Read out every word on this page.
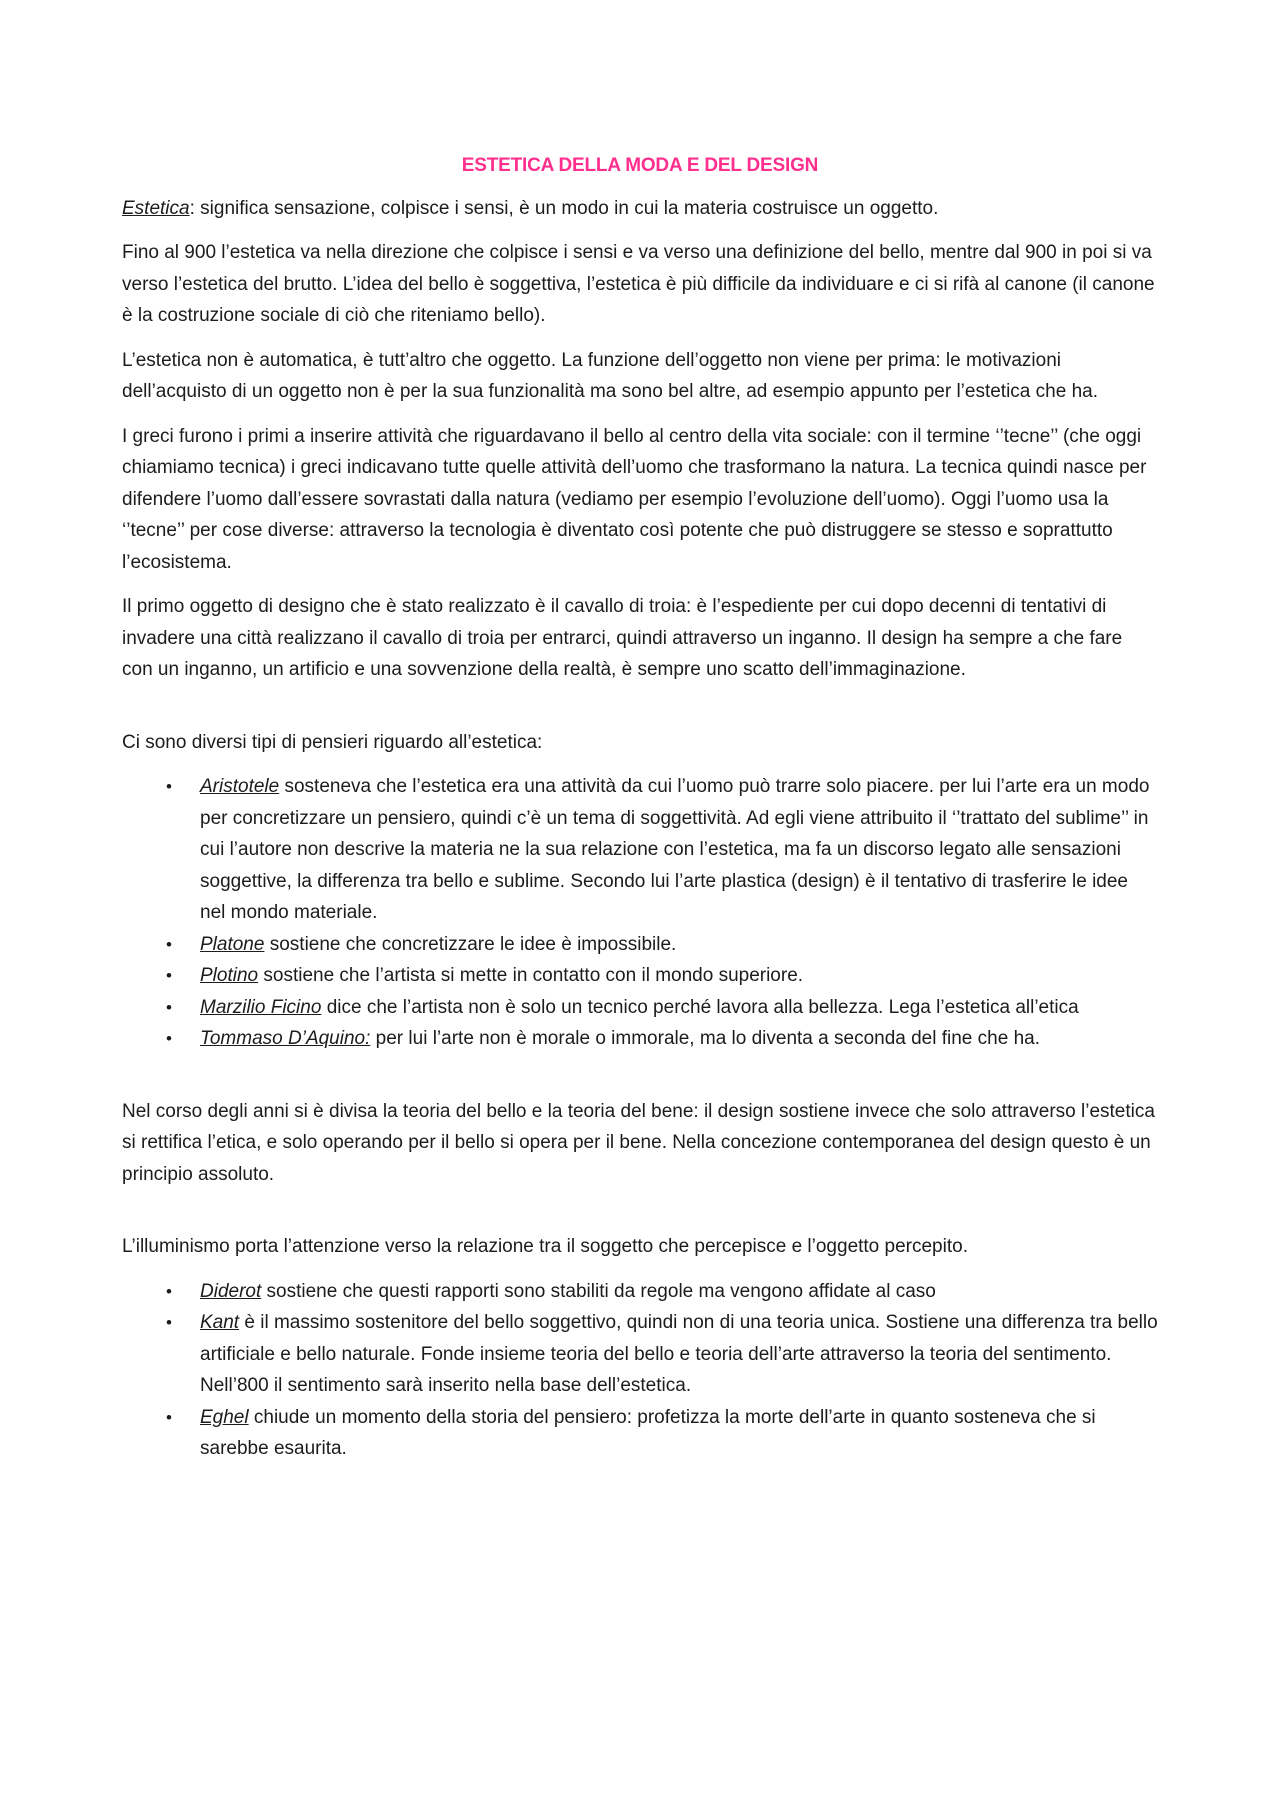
ESTETICA DELLA MODA E DEL DESIGN

Estetica: significa sensazione, colpisce i sensi, è un modo in cui la materia costruisce un oggetto.

Fino al 900 l’estetica va nella direzione che colpisce i sensi e va verso una definizione del bello, mentre dal 900 in poi si va verso l’estetica del brutto. L’idea del bello è soggettiva, l’estetica è più difficile da individuare e ci si rifà al canone (il canone è la costruzione sociale di ciò che riteniamo bello).

L’estetica non è automatica, è tutt’altro che oggetto. La funzione dell’oggetto non viene per prima: le motivazioni dell’acquisto di un oggetto non è per la sua funzionalità ma sono bel altre, ad esempio appunto per l’estetica che ha.

I greci furono i primi a inserire attività che riguardavano il bello al centro della vita sociale: con il termine ‘’tecne’’ (che oggi chiamiamo tecnica) i greci indicavano tutte quelle attività dell’uomo che trasformano la natura. La tecnica quindi nasce per difendere l’uomo dall’essere sovrastati dalla natura (vediamo per esempio l’evoluzione dell’uomo). Oggi l’uomo usa la ‘’tecne’’ per cose diverse: attraverso la tecnologia è diventato così potente che può distruggere se stesso e soprattutto l’ecosistema.

Il primo oggetto di designo che è stato realizzato è il cavallo di troia: è l’espediente per cui dopo decenni di tentativi di invadere una città realizzano il cavallo di troia per entrarci, quindi attraverso un inganno. Il design ha sempre a che fare con un inganno, un artificio e una sovvenzione della realtà, è sempre uno scatto dell’immaginazione.

Ci sono diversi tipi di pensieri riguardo all’estetica:

• Aristotele sosteneva che l’estetica era una attività da cui l’uomo può trarre solo piacere. per lui l’arte era un modo per concretizzare un pensiero, quindi c’è un tema di soggettività. Ad egli viene attribuito il ‘’trattato del sublime’’ in cui l’autore non descrive la materia ne la sua relazione con l’estetica, ma fa un discorso legato alle sensazioni soggettive, la differenza tra bello e sublime. Secondo lui l’arte plastica (design) è il tentativo di trasferire le idee nel mondo materiale.
• Platone sostiene che concretizzare le idee è impossibile.
• Plotino sostiene che l’artista si mette in contatto con il mondo superiore.
• Marzilio Ficino dice che l’artista non è solo un tecnico perché lavora alla bellezza. Lega l’estetica all’etica
• Tommaso D’Aquino: per lui l’arte non è morale o immorale, ma lo diventa a seconda del fine che ha.

Nel corso degli anni si è divisa la teoria del bello e la teoria del bene: il design sostiene invece che solo attraverso l’estetica si rettifica l’etica, e solo operando per il bello si opera per il bene. Nella concezione contemporanea del design questo è un principio assoluto.

L’illuminismo porta l’attenzione verso la relazione tra il soggetto che percepisce e l’oggetto percepito.

• Diderot sostiene che questi rapporti sono stabiliti da regole ma vengono affidate al caso
• Kant è il massimo sostenitore del bello soggettivo, quindi non di una teoria unica. Sostiene una differenza tra bello artificiale e bello naturale. Fonde insieme teoria del bello e teoria dell’arte attraverso la teoria del sentimento. Nell’800 il sentimento sarà inserito nella base dell’estetica.
• Eghel chiude un momento della storia del pensiero: profetizza la morte dell’arte in quanto sosteneva che si sarebbe esaurita.
